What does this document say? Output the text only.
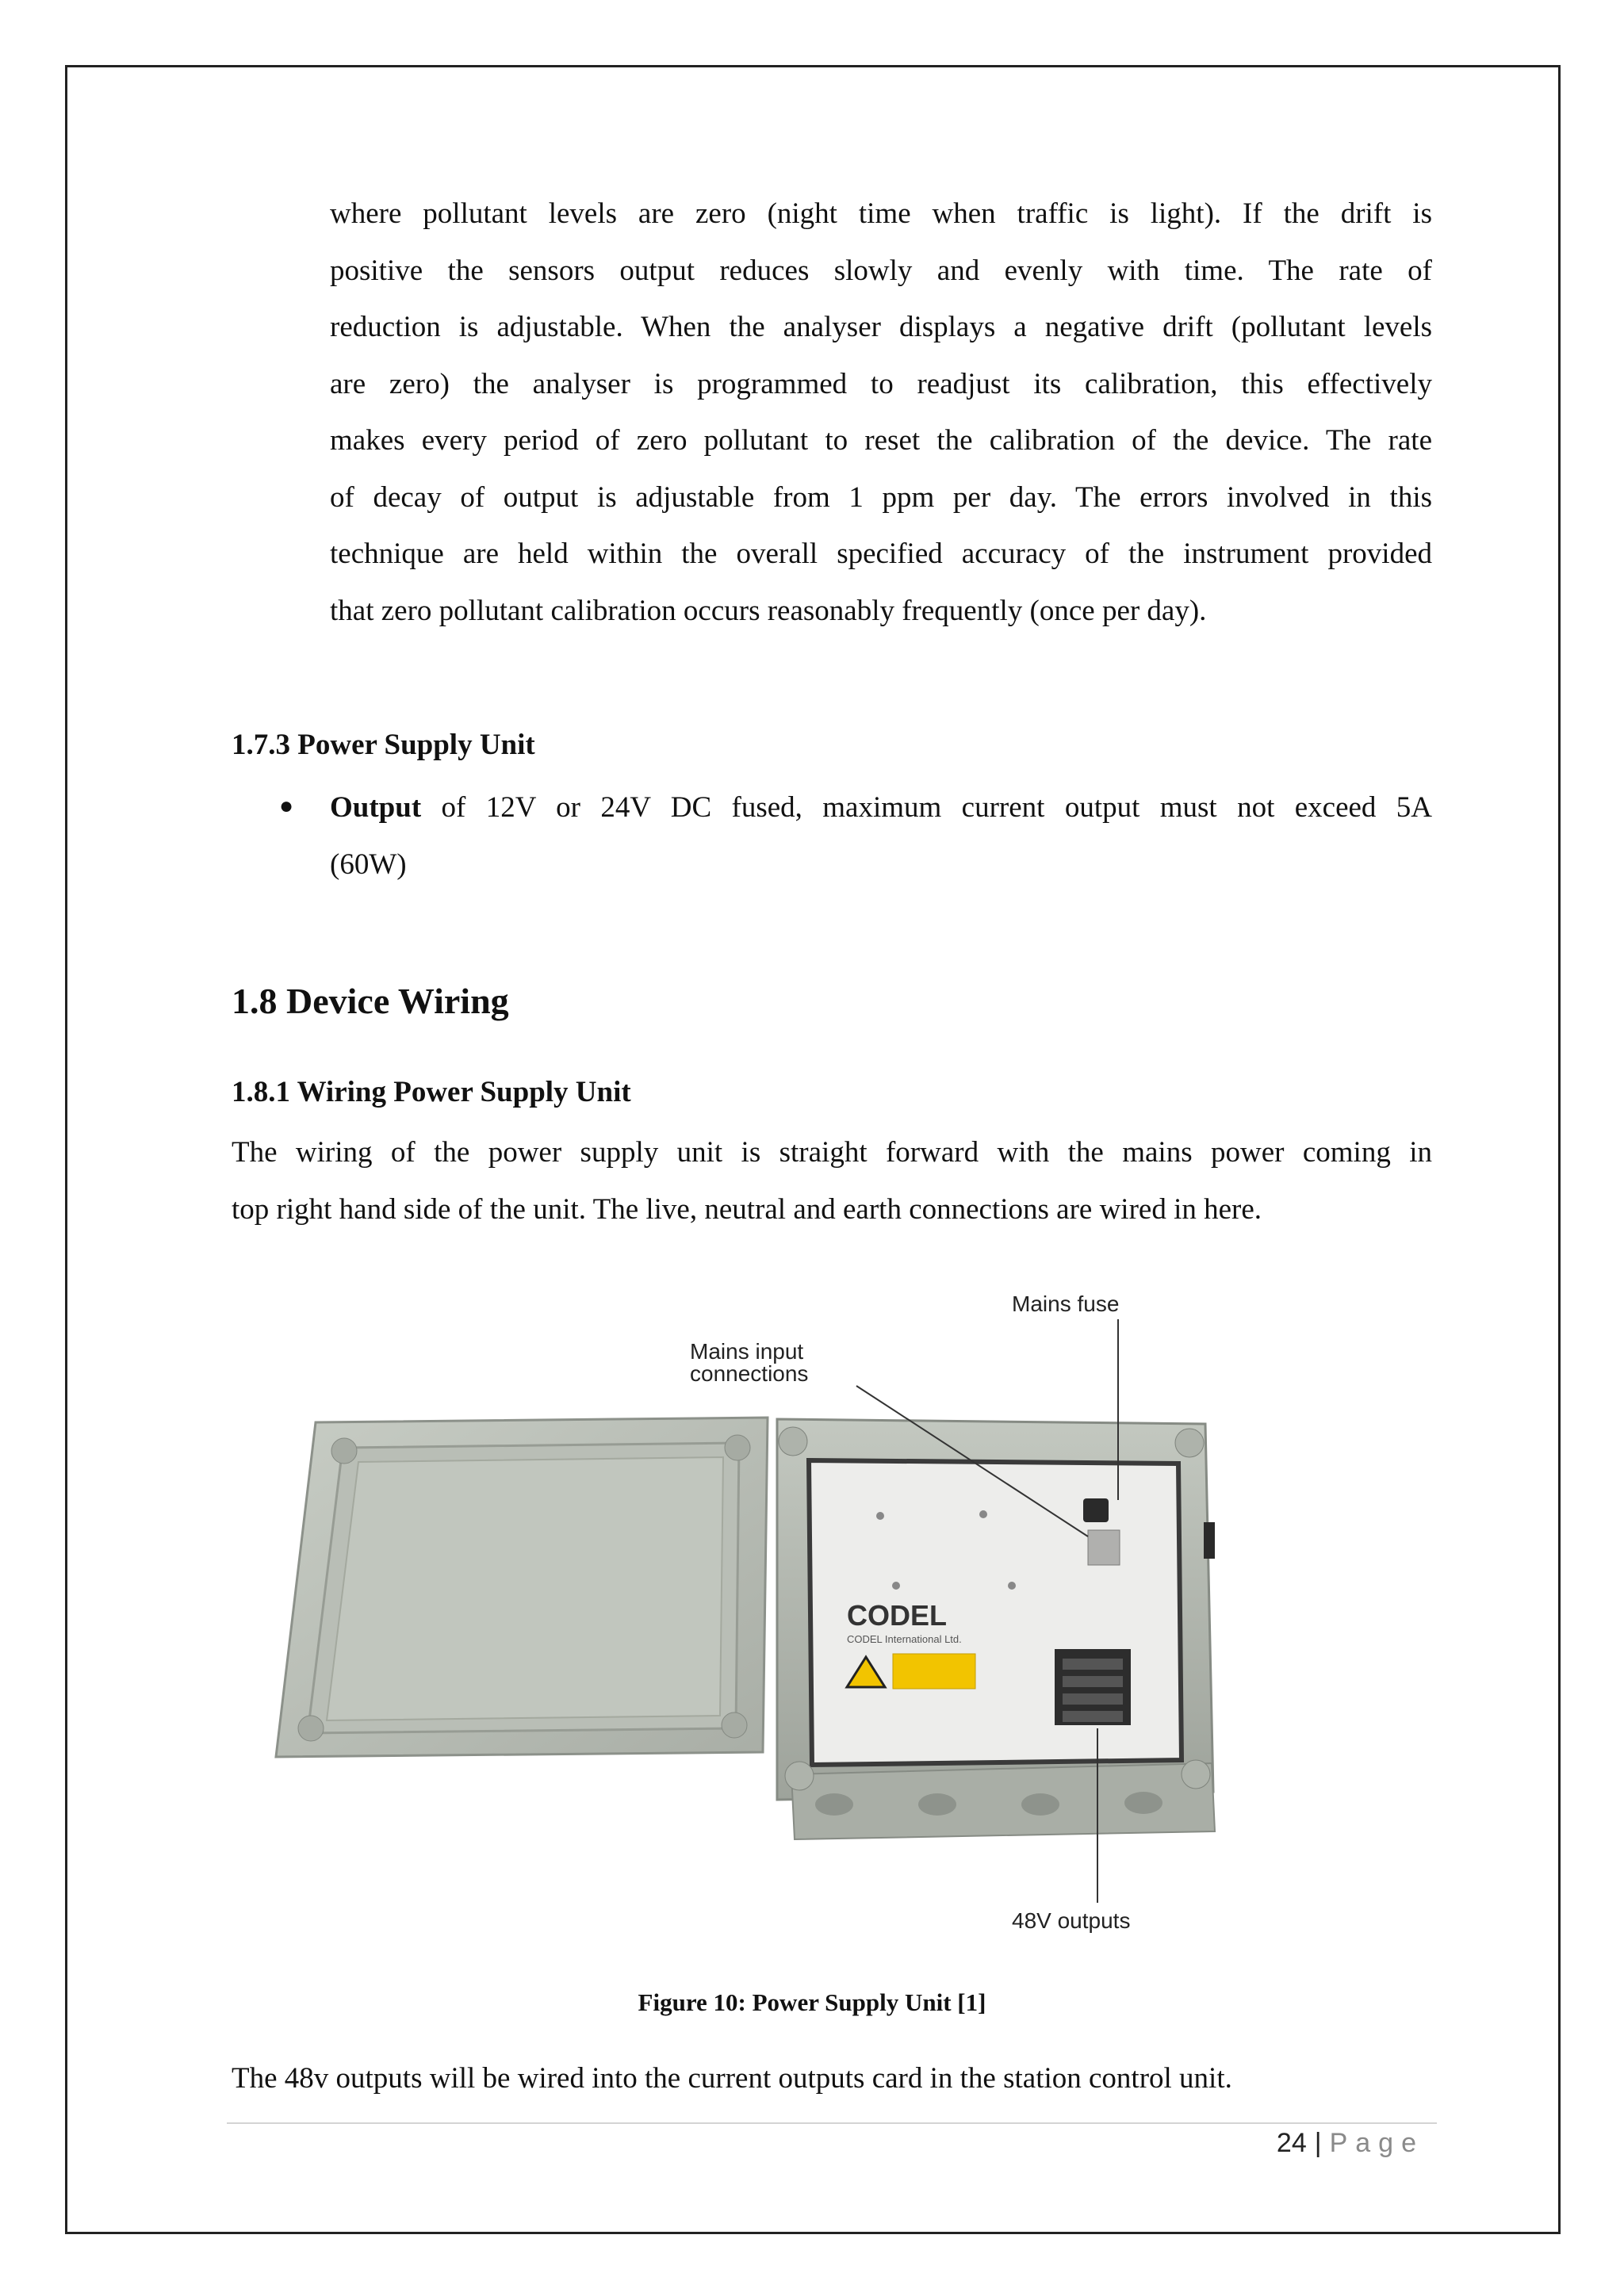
where pollutant levels are zero (night time when traffic is light). If the drift is
positive the sensors output reduces slowly and evenly with time. The rate of
reduction is adjustable. When the analyser displays a negative drift (pollutant levels
are zero) the analyser is programmed to readjust its calibration, this effectively
makes every period of zero pollutant to reset the calibration of the device. The rate
of decay of output is adjustable from 1 ppm per day. The errors involved in this
technique are held within the overall specified accuracy of the instrument provided
that zero pollutant calibration occurs reasonably frequently (once per day).
1.7.3 Power Supply Unit
● Output of 12V or 24V DC fused, maximum current output must not exceed 5A
(60W)
1.8 Device Wiring
1.8.1 Wiring Power Supply Unit
The wiring of the power supply unit is straight forward with the mains power coming in
top right hand side of the unit. The live, neutral and earth connections are wired in here.
CODEL
CODEL International Ltd.
Mains fuse
Mains input
connections
48V outputs
Figure 10: Power Supply Unit [1]
The 48v outputs will be wired into the current outputs card in the station control unit.
24 | Page
